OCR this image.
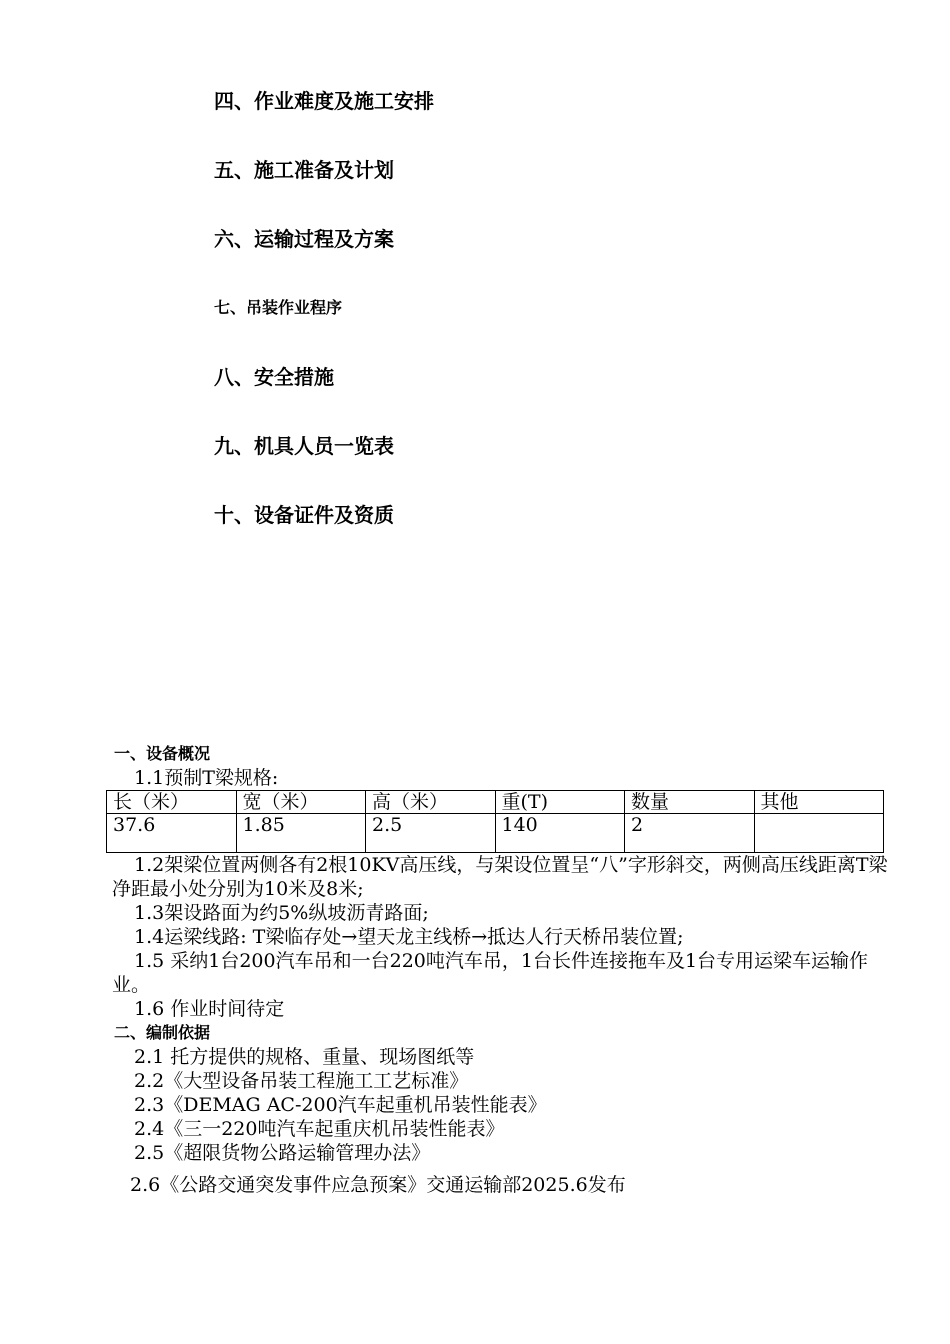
四、作业难度及施工安排
五、施工准备及计划
六、运输过程及方案
七、吊装作业程序
八、安全措施
九、机具人员一览表
十、设备证件及资质
一、设备概况

1.1预制T梁规格:

长（米）	宽（米）	高（米）	重(T)	数量	其他
37.6	1.85	2.5	140	2	

1.2架梁位置两侧各有2根10KV高压线，与架设位置呈“八”字形斜交，两侧高压线距离T梁净距最小处分别为10米及8米;

1.3架设路面为约5%纵坡沥青路面;

1.4运梁线路: T梁临存处→望天龙主线桥→抵达人行天桥吊装位置;

1.5 采纳1台200汽车吊和一台220吨汽车吊，1台长件连接拖车及1台专用运梁车运输作业。

1.6 作业时间待定

二、编制依据

2.1 托方提供的规格、重量、现场图纸等

2.2《大型设备吊装工程施工工艺标准》

2.3《DEMAG AC-200汽车起重机吊装性能表》

2.4《三一220吨汽车起重庆机吊装性能表》

2.5《超限货物公路运输管理办法》

2.6《公路交通突发事件应急预案》交通运输部2025.6发布
